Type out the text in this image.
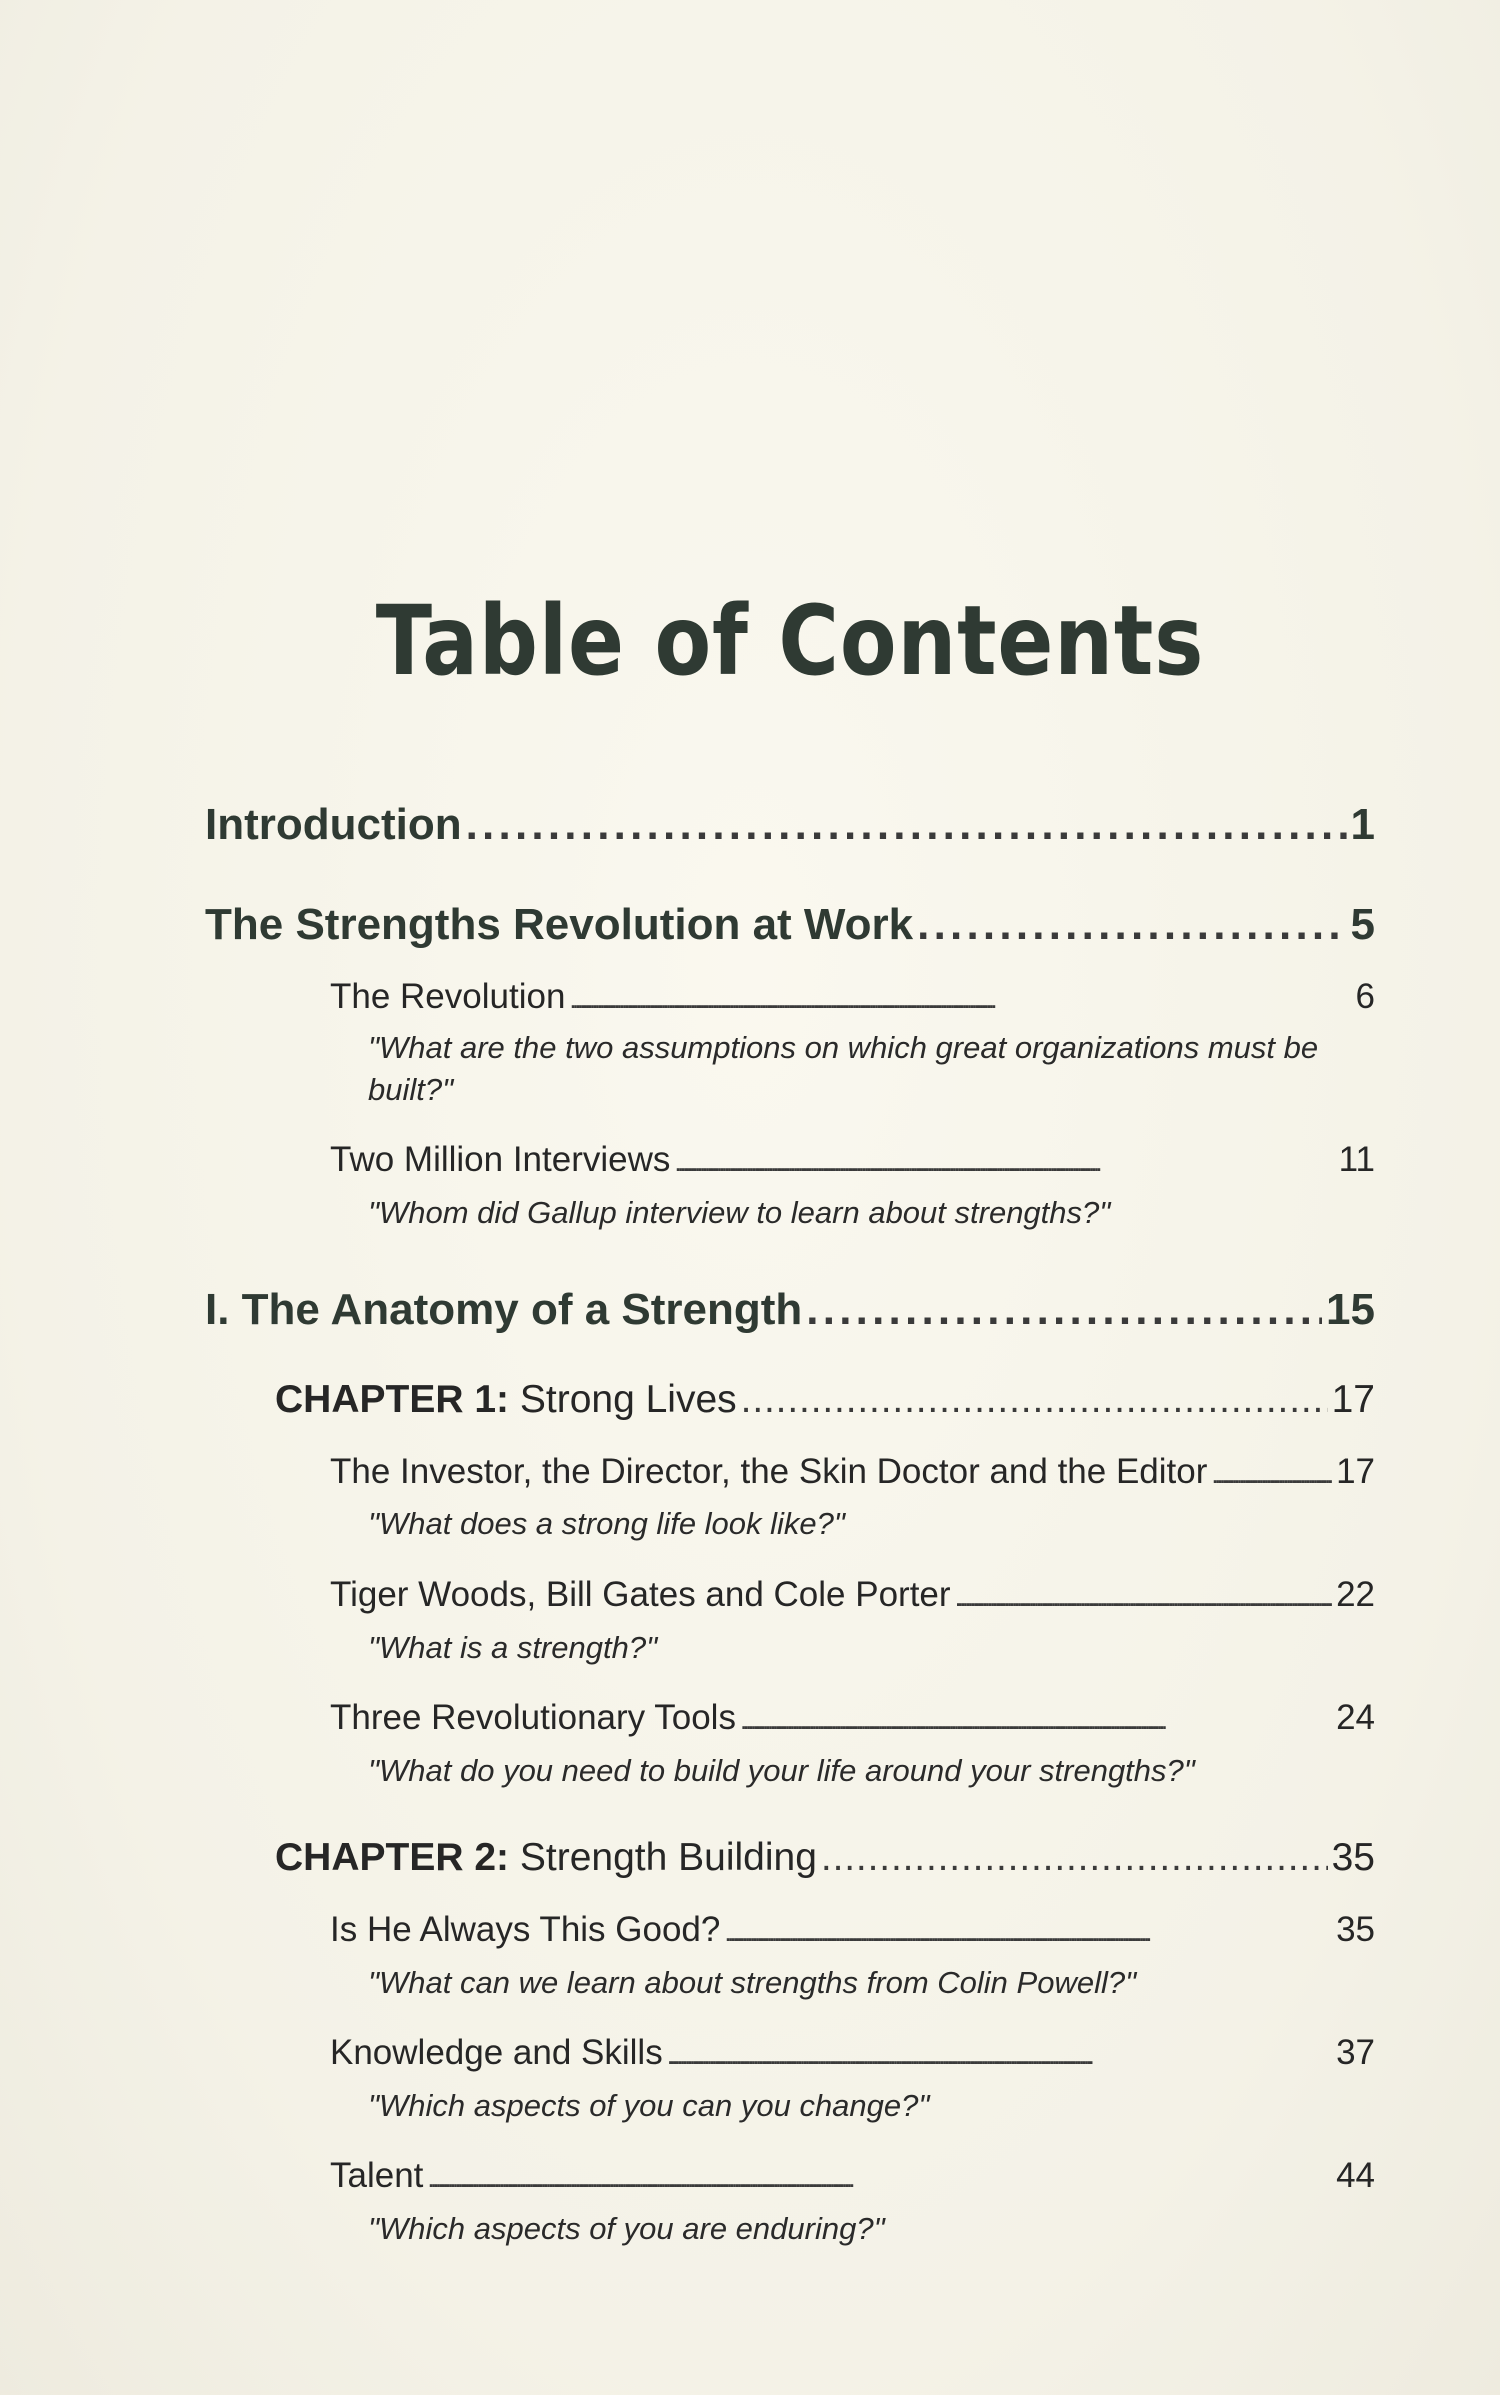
Table of Contents
Introduction . . .	1
The Strengths Revolution at Work . . .	5
The Revolution . . .	6
"What are the two assumptions on which great organizations must be built?"
Two Million Interviews . . .	11
"Whom did Gallup interview to learn about strengths?"
I. The Anatomy of a Strength . . .	15
CHAPTER 1: Strong Lives . . .	17
The Investor, the Director, the Skin Doctor and the Editor . . .	17
"What does a strong life look like?"
Tiger Woods, Bill Gates and Cole Porter . . .	22
"What is a strength?"
Three Revolutionary Tools . . .	24
"What do you need to build your life around your strengths?"
CHAPTER 2: Strength Building . . .	35
Is He Always This Good? . . .	35
"What can we learn about strengths from Colin Powell?"
Knowledge and Skills . . .	37
"Which aspects of you can you change?"
Talent . . .	44
"Which aspects of you are enduring?"
